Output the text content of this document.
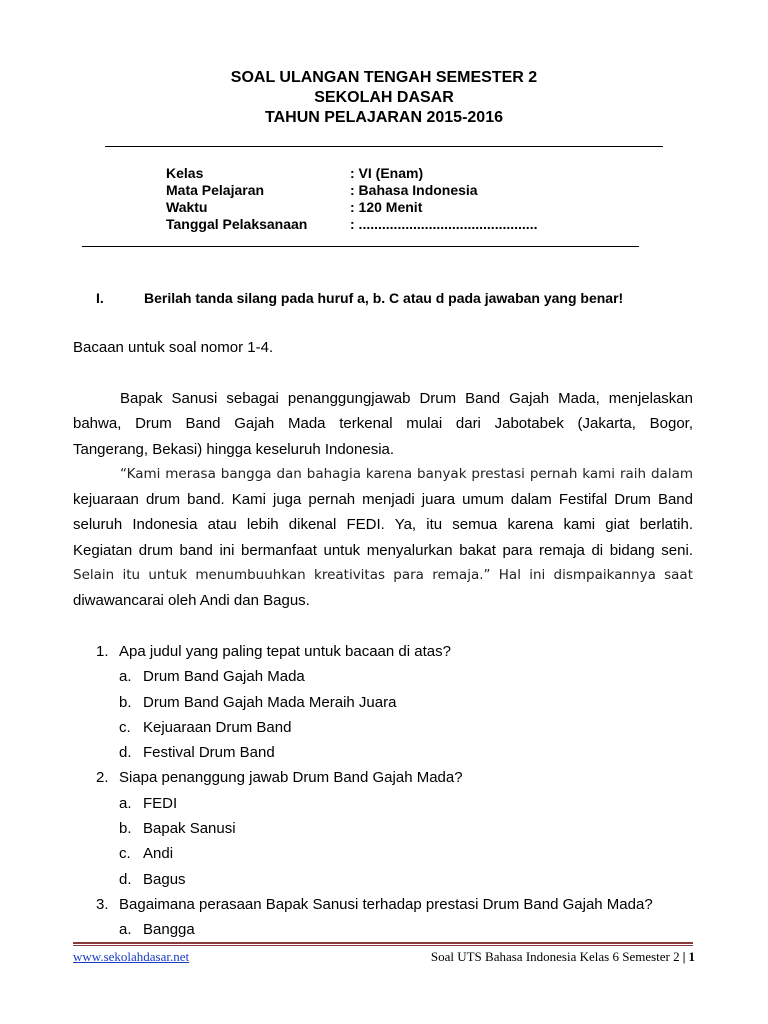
SOAL ULANGAN TENGAH SEMESTER 2
SEKOLAH DASAR
TAHUN PELAJARAN 2015-2016
Kelas	: VI (Enam)
Mata Pelajaran	: Bahasa Indonesia
Waktu	: 120 Menit
Tanggal Pelaksanaan	: ..............................................
I.	Berilah tanda silang pada huruf a, b. C atau d pada jawaban yang benar!
Bacaan untuk soal nomor 1-4.

Bapak Sanusi sebagai penanggungjawab Drum Band Gajah Mada, menjelaskan

bahwa, Drum Band Gajah Mada terkenal mulai dari Jabotabek (Jakarta, Bogor,

Tangerang, Bekasi) hingga keseluruh Indonesia.

“Kami merasa bangga dan bahagia karena banyak prestasi pernah kami raih dalam

kejuaraan drum band. Kami juga pernah menjadi juara umum dalam Festifal Drum Band

seluruh Indonesia atau lebih dikenal FEDI. Ya, itu semua karena kami giat berlatih.

Kegiatan drum band ini bermanfaat untuk menyalurkan bakat para remaja di bidang seni.

Selain itu untuk menumbuuhkan kreativitas para remaja.” Hal ini dismpaikannya saat

diwawancarai oleh Andi dan Bagus.

1. Apa judul yang paling tepat untuk bacaan di atas?
a. Drum Band Gajah Mada
b. Drum Band Gajah Mada Meraih Juara
c. Kejuaraan Drum Band
d. Festival Drum Band
2. Siapa penanggung jawab Drum Band Gajah Mada?
a. FEDI
b. Bapak Sanusi
c. Andi
d. Bagus
3. Bagaimana perasaan Bapak Sanusi terhadap prestasi Drum Band Gajah Mada?
a. Bangga
www.sekolahdasar.net	Soal UTS Bahasa Indonesia Kelas 6 Semester 2 | 1
